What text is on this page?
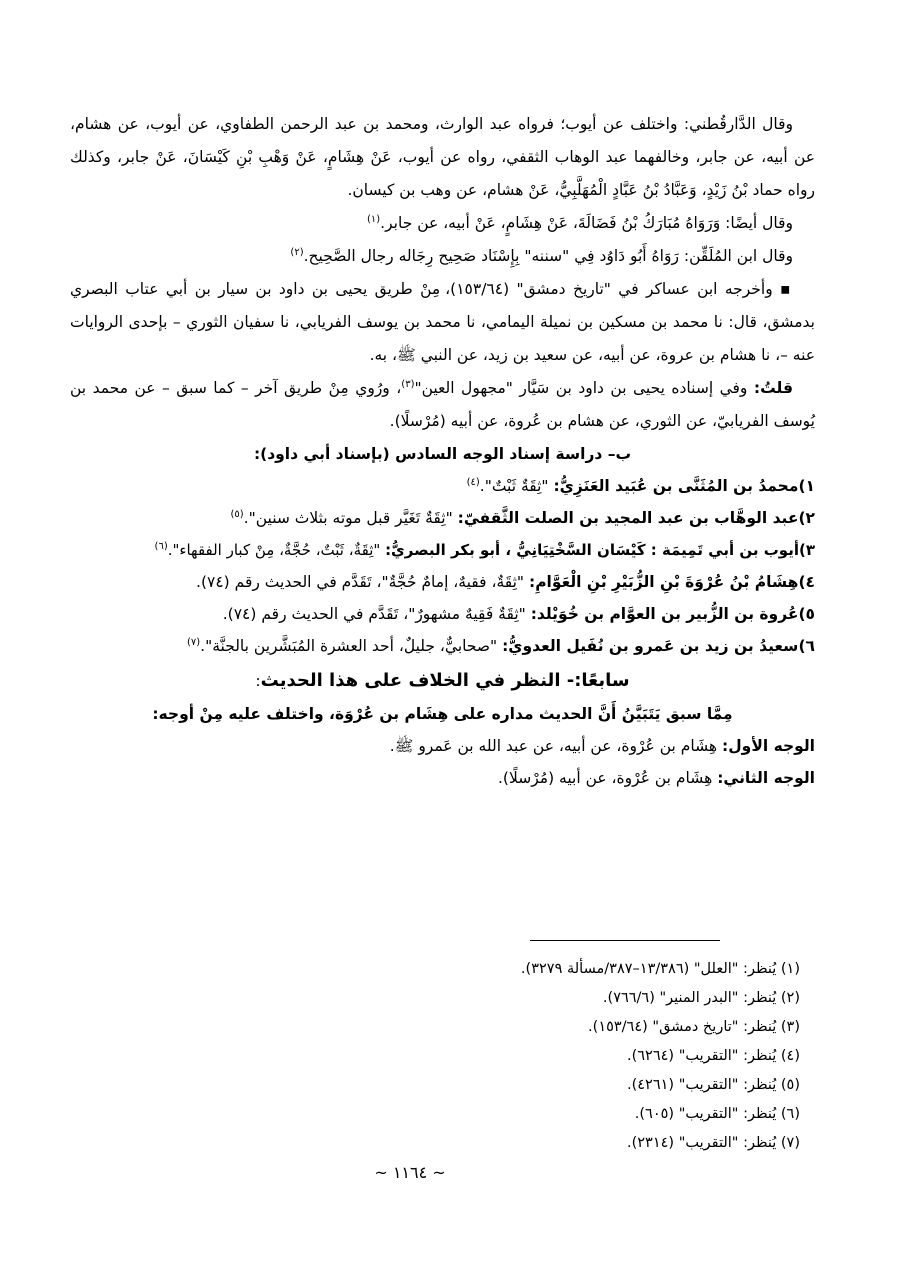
وقال الدَّارقُطني: واختلف عن أيوب؛ فرواه عبد الوارث، ومحمد بن عبد الرحمن الطفاوي، عن أيوب، عن هشام، عن أبيه، عن جابر، وخالفهما عبد الوهاب الثقفي، رواه عن أيوب، عَنْ هِشَامٍ، عَنْ وَهْبِ بْنِ كَيْسَانَ، عَنْ جابر، وكذلك رواه حماد بْنُ زَيْدٍ، وَعَبَّادُ بْنُ عَبَّادٍ الْمُهَلَّبِيُّ، عَنْ هشام، عن وهب بن كيسان.

وقال أيضًا: وَرَوَاهُ مُبَارَكُ بْنُ فَضَالَةَ، عَنْ هِشَامٍ، عَنْ أبيه، عن جابر.$^{(١)}$

وقال ابن المُلَقِّن: رَوَاهُ أَبُو دَاوُد فِي "سننه" بِإِسْنَاد صَحِيح رِجَاله رجال الصَّحِيح.$^{(٢)}$

▪ وأخرجه ابن عساكر في "تاريخ دمشق" (١٥٣/٦٤)، مِنْ طريق يحيى بن داود بن سيار بن أبي عتاب البصري بدمشق، قال: نا محمد بن مسكين بن نميلة اليمامي، نا محمد بن يوسف الفريابي، نا سفيان الثوري – بإحدى الروايات عنه –، نا هشام بن عروة، عن أبيه، عن سعيد بن زيد، عن النبي ﷺ، به.

قلتُ: وفي إسناده يحيى بن داود بن سَيَّار "مجهول العين"$^{(٣)}$، ورُوي مِنْ طريق آخر – كما سبق – عن محمد بن يُوسف الفريابيّ، عن الثوري، عن هشام بن عُروة، عن أبيه (مُرْسلًا).

ب– دراسة إسناد الوجه السادس (بإسناد أبي داود):

١)محمدُ بن المُثَنَّى بن عُبَيد العَنَزِيُّ: "ثِقَةٌ ثَبْتٌ".$^{(٤)}$

٢)عبد الوهَّاب بن عبد المجيد بن الصلت الثَّقفيّ: "ثِقَةٌ تَغَيَّر قبل موته بثلاث سنين".$^{(٥)}$

٣)أيوب بن أبي تَمِيمَة : كَيْسَان السَّخْتِيَانِيُّ ، أبو بكر البصريُّ: "ثِقَةٌ، ثَبْتٌ، حُجَّةٌ، مِنْ كبار الفقهاء".$^{(٦)}$

٤)هِشَامُ بْنُ عُرْوَةَ بْنِ الزُّبَيْرِ بْنِ الْعَوَّامِ: "ثِقَةٌ، فقيهٌ، إمامٌ حُجَّةٌ"، تَقَدَّم في الحديث رقم (٧٤).

٥)عُروة بن الزُّبير بن العوَّام بن خُوَيْلد: "ثِقَةٌ فَقِيهٌ مشهورٌ"، تَقَدَّم في الحديث رقم (٧٤).

٦)سعيدُ بن زيد بن عَمرو بن نُفَيل العدويُّ: "صحابيٌّ، جليلٌ، أحد العشرة المُبَشَّرين بالجنَّة".$^{(٧)}$

سابعًا:- النظر في الخلاف على هذا الحديث:

مِمَّا سبق يَتَبَيَّنُ أَنَّ الحديث مداره على هِشَام بن عُرْوَة، واختلف عليه مِنْ أوجه:

الوجه الأول: هِشَام بن عُرْوة، عن أبيه، عن عبد الله بن عَمرو ﷺ.

الوجه الثاني: هِشَام بن عُرْوة، عن أبيه (مُرْسلًا).

(١) يُنظر: "العلل" (١٣/٣٨٦–٣٨٧/مسألة ٣٢٧٩).

(٢) يُنظر: "البدر المنير" (٧٦٦/٦).

(٣) يُنظر: "تاريخ دمشق" (١٥٣/٦٤).

(٤) يُنظر: "التقريب" (٦٢٦٤).

(٥) يُنظر: "التقريب" (٤٢٦١).

(٦) يُنظر: "التقريب" (٦٠٥).

(٧) يُنظر: "التقريب" (٢٣١٤).

~ ١١٦٤ ~
